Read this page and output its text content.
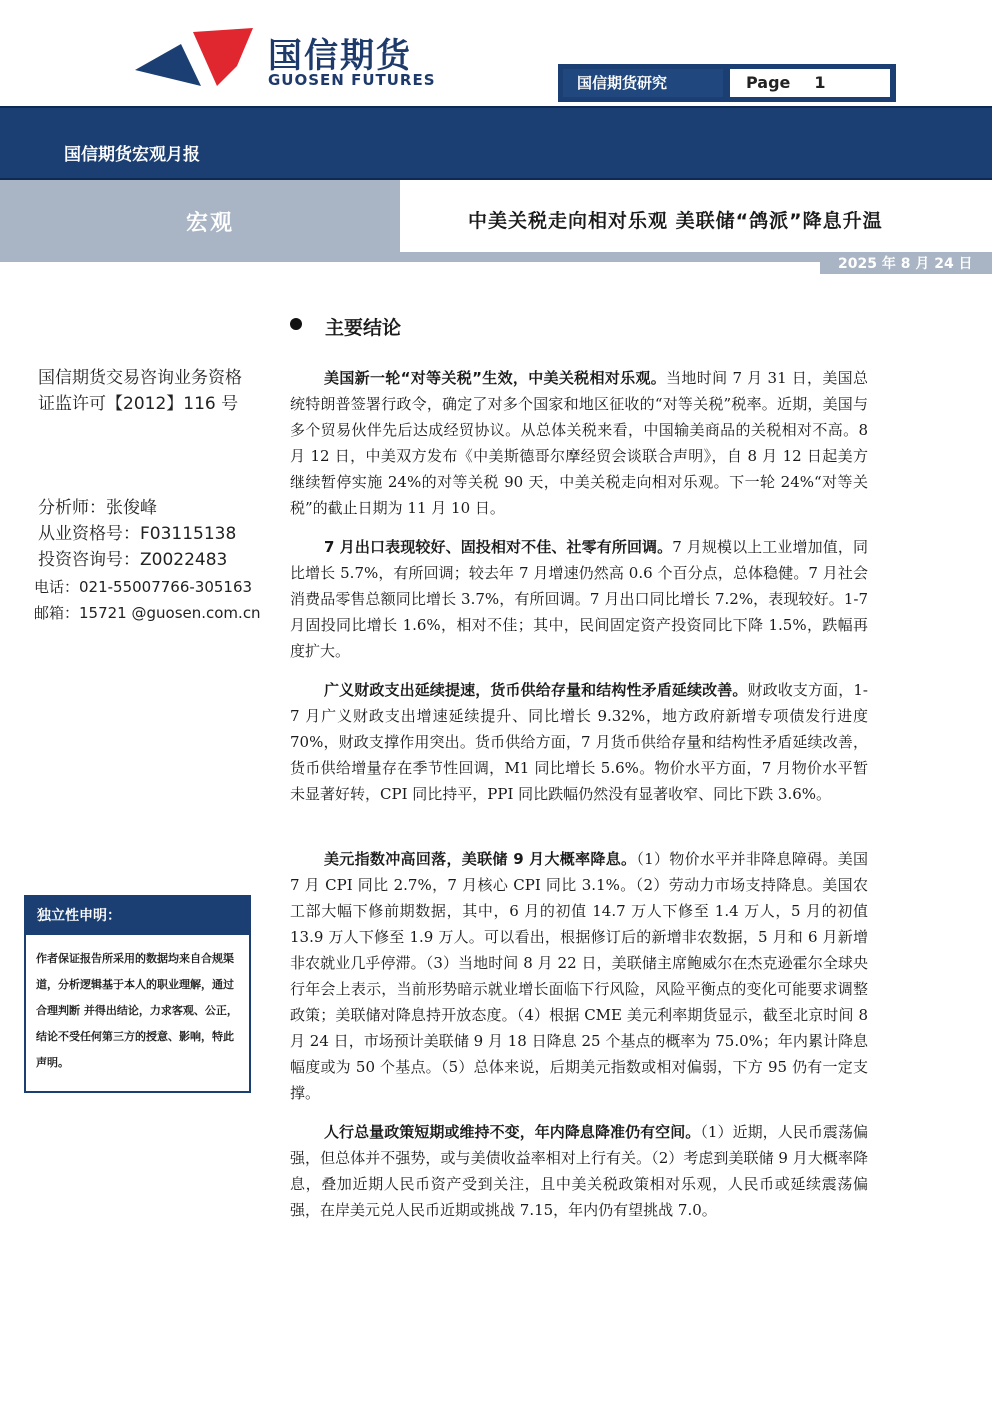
国信期货
GUOSEN FUTURES	国信期货研究	Page 1
国信期货宏观月报
宏观	中美关税走向相对乐观 美联储“鸽派”降息升温
2025 年 8 月 24 日
国信期货交易咨询业务资格
证监许可【2012】116 号
分析师：张俊峰
从业资格号：F03115138
投资咨询号：Z0022483
电话：021-55007766-305163
邮箱：15721 @guosen.com.cn
独立性申明：
作者保证报告所采用的数据均来自合规渠道，分析逻辑基于本人的职业理解，通过合理判断 并得出结论，力求客观、公正，结论不受任何第三方的授意、影响，特此声明。
主要结论
美国新一轮“对等关税”生效，中美关税相对乐观。当地时间 7 月 31 日，美国总统特朗普签署行政令，确定了对多个国家和地区征收的“对等关税”税率。近期，美国与多个贸易伙伴先后达成经贸协议。从总体关税来看，中国输美商品的关税相对不高。8 月 12 日，中美双方发布《中美斯德哥尔摩经贸会谈联合声明》，自 8 月 12 日起美方继续暂停实施 24%的对等关税 90 天，中美关税走向相对乐观。下一轮 24%“对等关税”的截止日期为 11 月 10 日。
7 月出口表现较好、固投相对不佳、社零有所回调。7 月规模以上工业增加值，同比增长 5.7%，有所回调；较去年 7 月增速仍然高 0.6 个百分点，总体稳健。7 月社会消费品零售总额同比增长 3.7%，有所回调。7 月出口同比增长 7.2%，表现较好。1-7 月固投同比增长 1.6%，相对不佳；其中，民间固定资产投资同比下降 1.5%，跌幅再度扩大。
广义财政支出延续提速，货币供给存量和结构性矛盾延续改善。财政收支方面，1-7 月广义财政支出增速延续提升、同比增长 9.32%，地方政府新增专项债发行进度 70%，财政支撑作用突出。货币供给方面，7 月货币供给存量和结构性矛盾延续改善，货币供给增量存在季节性回调，M1 同比增长 5.6%。物价水平方面，7 月物价水平暂未显著好转，CPI 同比持平，PPI 同比跌幅仍然没有显著收窄、同比下跌 3.6%。
美元指数冲高回落，美联储 9 月大概率降息。（1）物价水平并非降息障碍。美国 7 月 CPI 同比 2.7%，7 月核心 CPI 同比 3.1%。（2）劳动力市场支持降息。美国农工部大幅下修前期数据，其中，6 月的初值 14.7 万人下修至 1.4 万人，5 月的初值 13.9 万人下修至 1.9 万人。可以看出，根据修订后的新增非农数据，5 月和 6 月新增非农就业几乎停滞。（3）当地时间 8 月 22 日，美联储主席鲍威尔在杰克逊霍尔全球央行年会上表示，当前形势暗示就业增长面临下行风险，风险平衡点的变化可能要求调整政策；美联储对降息持开放态度。（4）根据 CME 美元利率期货显示，截至北京时间 8 月 24 日，市场预计美联储 9 月 18 日降息 25 个基点的概率为 75.0%；年内累计降息幅度或为 50 个基点。（5）总体来说，后期美元指数或相对偏弱，下方 95 仍有一定支撑。
人行总量政策短期或维持不变，年内降息降准仍有空间。（1）近期，人民币震荡偏强，但总体并不强势，或与美债收益率相对上行有关。（2）考虑到美联储 9 月大概率降息，叠加近期人民币资产受到关注，且中美关税政策相对乐观，人民币或延续震荡偏强，在岸美元兑人民币近期或挑战 7.15，年内仍有望挑战 7.0。
